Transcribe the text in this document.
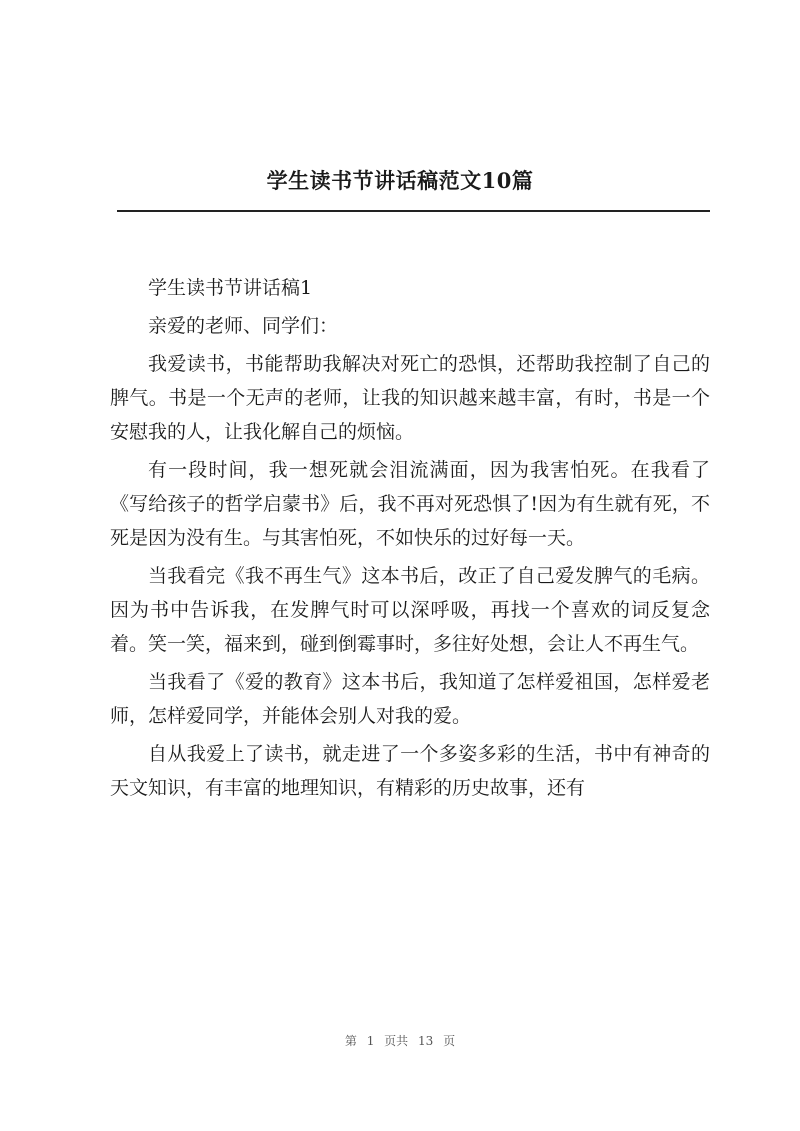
学生读书节讲话稿范文10篇

学生读书节讲话稿1

亲爱的老师、同学们：

我爱读书，书能帮助我解决对死亡的恐惧，还帮助我控制了自己的脾气。书是一个无声的老师，让我的知识越来越丰富，有时，书是一个安慰我的人，让我化解自己的烦恼。

有一段时间，我一想死就会泪流满面，因为我害怕死。在我看了《写给孩子的哲学启蒙书》后，我不再对死恐惧了!因为有生就有死，不死是因为没有生。与其害怕死，不如快乐的过好每一天。

当我看完《我不再生气》这本书后，改正了自己爱发脾气的毛病。因为书中告诉我，在发脾气时可以深呼吸，再找一个喜欢的词反复念着。笑一笑，福来到，碰到倒霉事时，多往好处想，会让人不再生气。

当我看了《爱的教育》这本书后，我知道了怎样爱祖国，怎样爱老师，怎样爱同学，并能体会别人对我的爱。

自从我爱上了读书，就走进了一个多姿多彩的生活，书中有神奇的天文知识，有丰富的地理知识，有精彩的历史故事，还有

第 1 页共 13 页
